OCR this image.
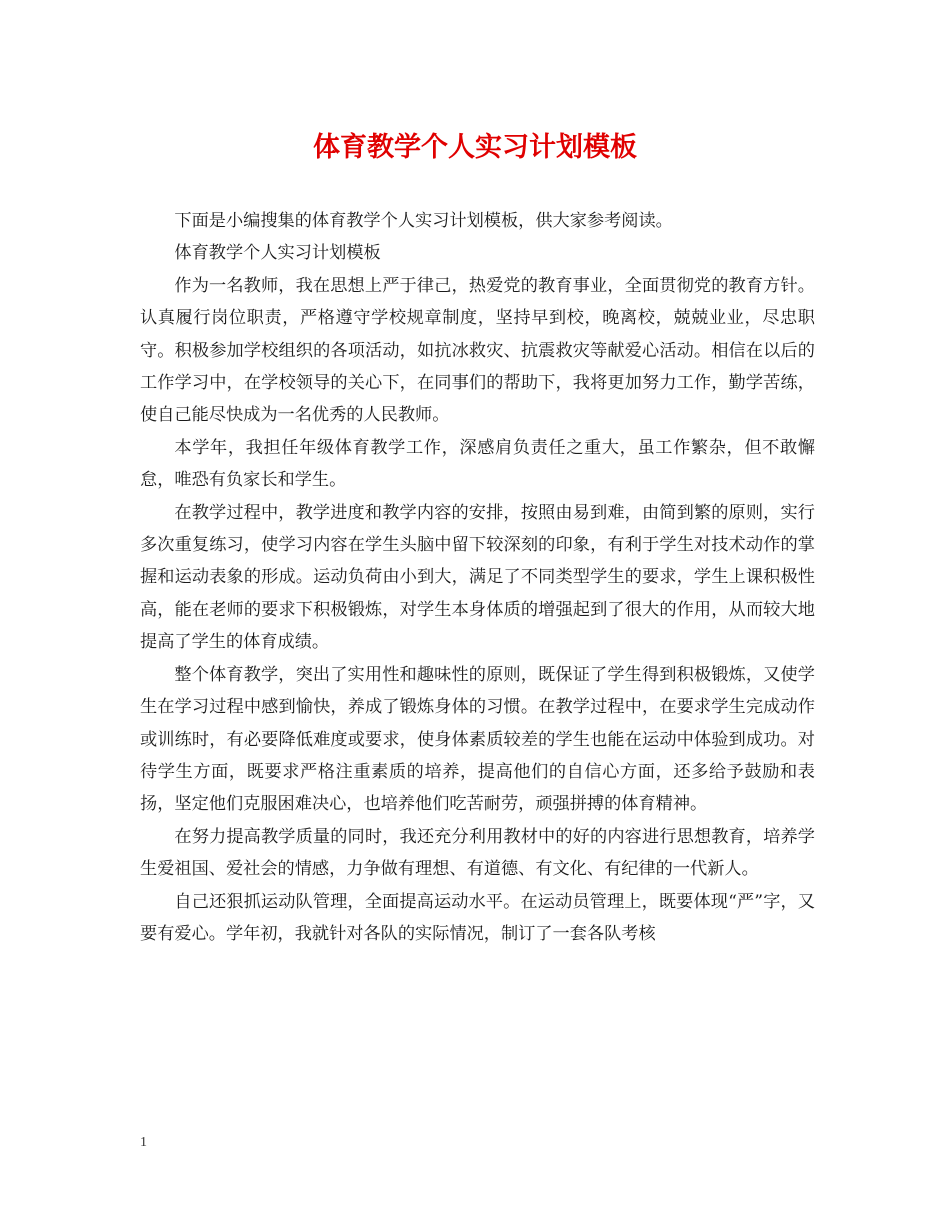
体育教学个人实习计划模板

下面是小编搜集的体育教学个人实习计划模板，供大家参考阅读。

体育教学个人实习计划模板

作为一名教师，我在思想上严于律己，热爱党的教育事业，全面贯彻党的教育方针。认真履行岗位职责，严格遵守学校规章制度，坚持早到校，晚离校，兢兢业业，尽忠职守。积极参加学校组织的各项活动，如抗冰救灾、抗震救灾等献爱心活动。相信在以后的工作学习中，在学校领导的关心下，在同事们的帮助下，我将更加努力工作，勤学苦练，使自己能尽快成为一名优秀的人民教师。

本学年，我担任年级体育教学工作，深感肩负责任之重大，虽工作繁杂，但不敢懈怠，唯恐有负家长和学生。

在教学过程中，教学进度和教学内容的安排，按照由易到难，由简到繁的原则，实行多次重复练习，使学习内容在学生头脑中留下较深刻的印象，有利于学生对技术动作的掌握和运动表象的形成。运动负荷由小到大，满足了不同类型学生的要求，学生上课积极性高，能在老师的要求下积极锻炼，对学生本身体质的增强起到了很大的作用，从而较大地提高了学生的体育成绩。

整个体育教学，突出了实用性和趣味性的原则，既保证了学生得到积极锻炼，又使学生在学习过程中感到愉快，养成了锻炼身体的习惯。在教学过程中，在要求学生完成动作或训练时，有必要降低难度或要求，使身体素质较差的学生也能在运动中体验到成功。对待学生方面，既要求严格注重素质的培养，提高他们的自信心方面，还多给予鼓励和表扬，坚定他们克服困难决心，也培养他们吃苦耐劳，顽强拼搏的体育精神。

在努力提高教学质量的同时，我还充分利用教材中的好的内容进行思想教育，培养学生爱祖国、爱社会的情感，力争做有理想、有道德、有文化、有纪律的一代新人。

自己还狠抓运动队管理，全面提高运动水平。在运动员管理上，既要体现“严”字，又要有爱心。学年初，我就针对各队的实际情况，制订了一套各队考核

1
